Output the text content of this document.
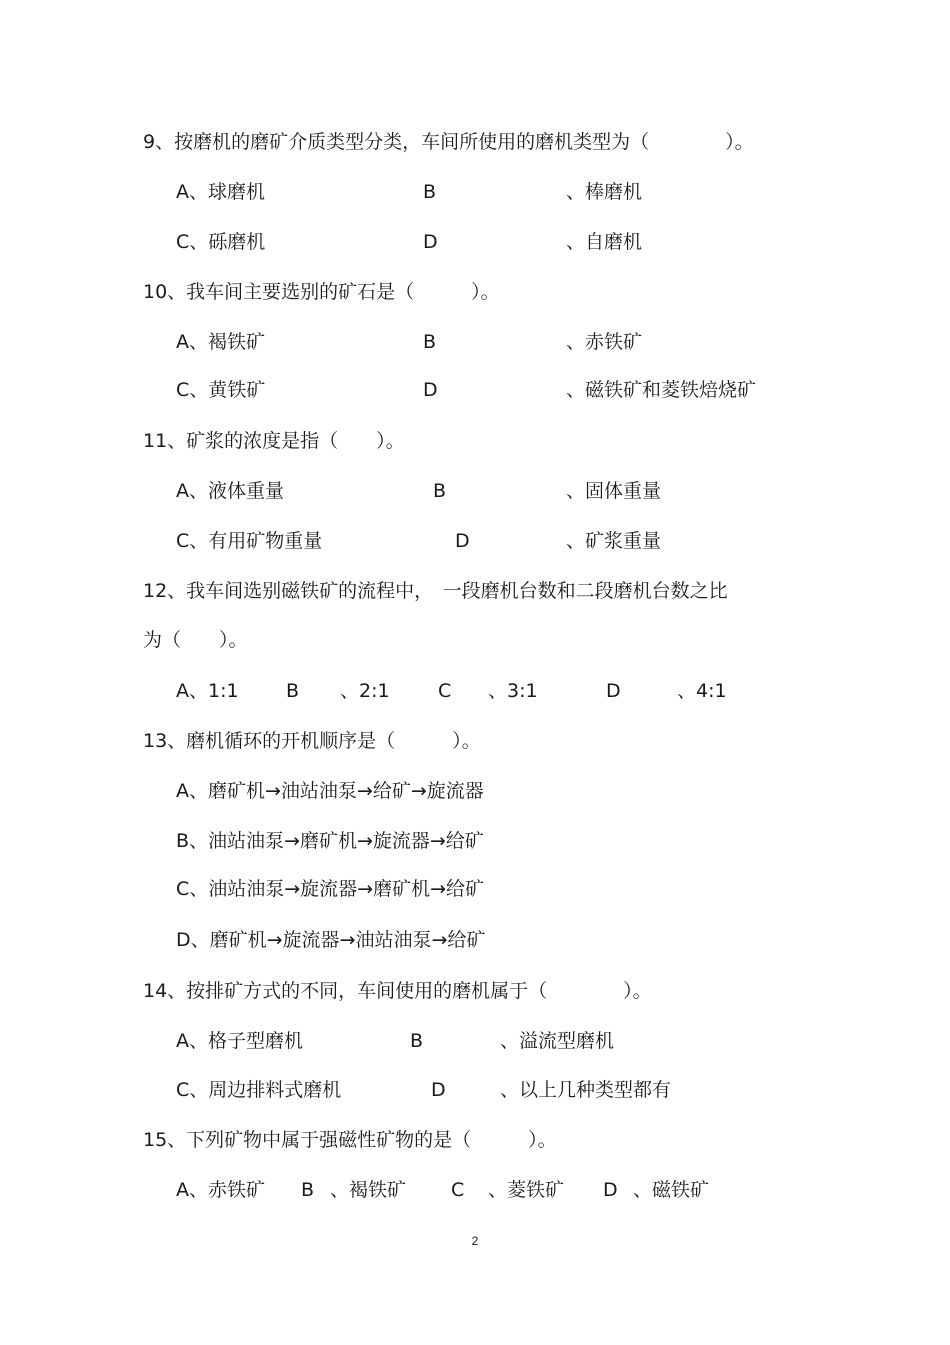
9、按磨机的磨矿介质类型分类，车间所使用的磨机类型为（　　　　）。
A、球磨机	B	、棒磨机
C、砾磨机	D	、自磨机
10、我车间主要选别的矿石是（　　　）。
A、褐铁矿	B	、赤铁矿
C、黄铁矿	D	、磁铁矿和菱铁焙烧矿
11、矿浆的浓度是指（　　）。
A、液体重量	B	、固体重量
C、有用矿物重量	D	、矿浆重量
12、我车间选别磁铁矿的流程中，　一段磨机台数和二段磨机台数之比
为（　　）。
A、1:1 B 、2:1	C 、3:1	D	、4:1
13、磨机循环的开机顺序是（　　　）。
A、磨矿机→油站油泵→给矿→旋流器
B、油站油泵→磨矿机→旋流器→给矿
C、油站油泵→旋流器→磨矿机→给矿
D、磨矿机→旋流器→油站油泵→给矿
14、按排矿方式的不同，车间使用的磨机属于（　　　　）。
A、格子型磨机	B	、溢流型磨机
C、周边排料式磨机	D	、以上几种类型都有
15、下列矿物中属于强磁性矿物的是（　　　）。
A、赤铁矿 B 、褐铁矿 C 、菱铁矿 D 、磁铁矿
2
